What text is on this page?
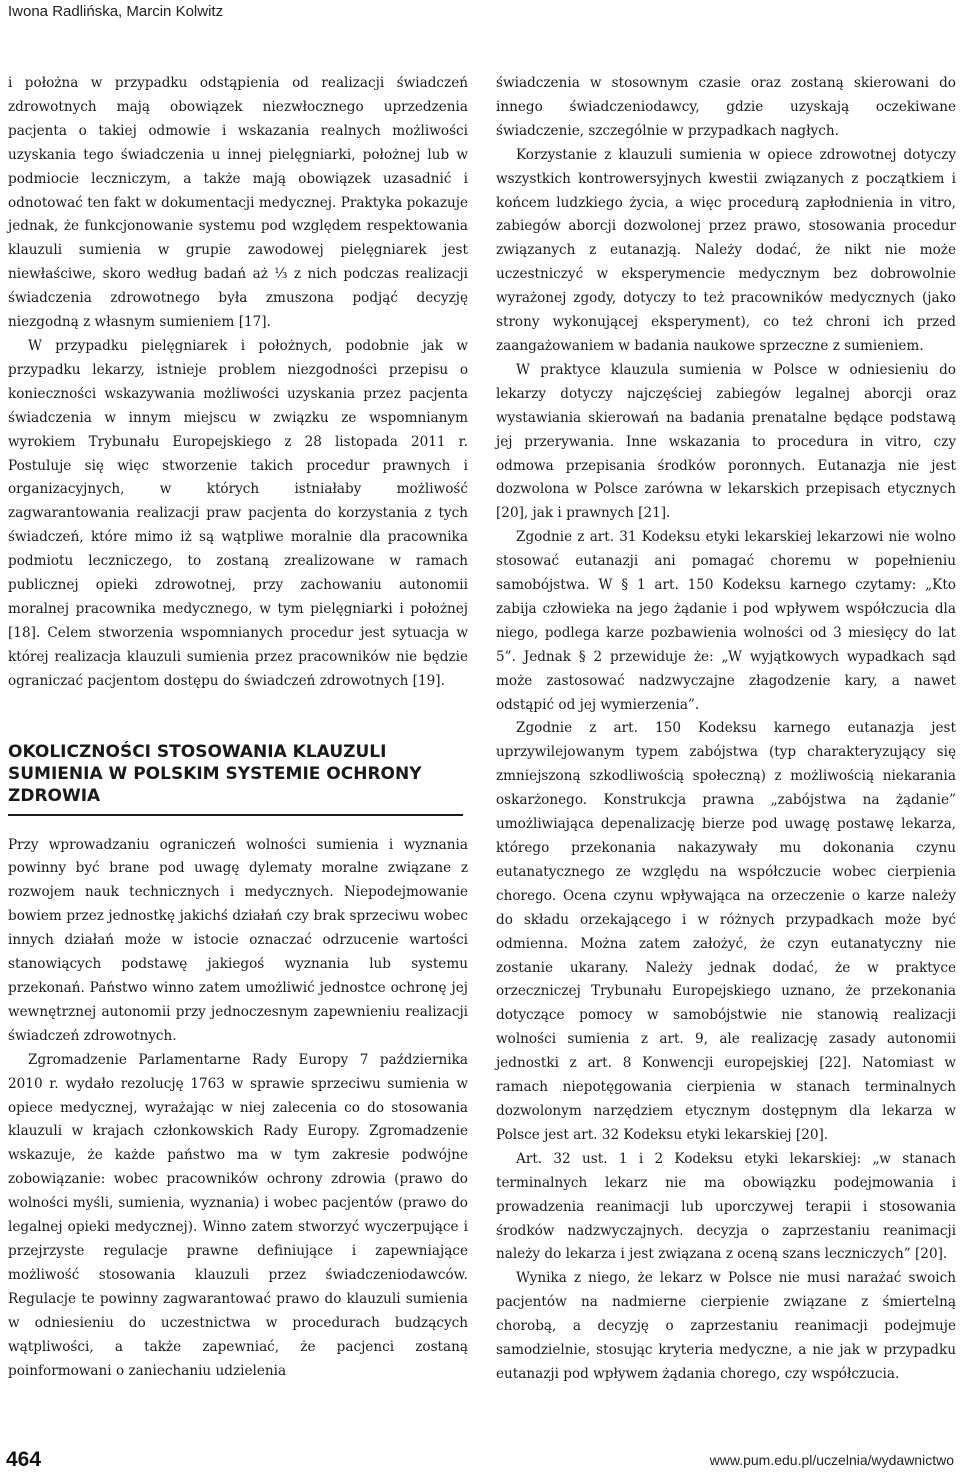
Iwona Radlińska, Marcin Kolwitz

i położna w przypadku odstąpienia od realizacji świadczeń zdrowotnych mają obowiązek niezwłocznego uprzedzenia pacjenta o takiej odmowie i wskazania realnych możliwości uzyskania tego świadczenia u innej pielęgniarki, położnej lub w podmiocie leczniczym, a także mają obowiązek uzasadnić i odnotować ten fakt w dokumentacji medycznej. Praktyka pokazuje jednak, że funkcjonowanie systemu pod względem respektowania klauzuli sumienia w grupie zawodowej pielęgniarek jest niewłaściwe, skoro według badań aż ⅓ z nich podczas realizacji świadczenia zdrowotnego była zmuszona podjąć decyzję niezgodną z własnym sumieniem [17].

W przypadku pielęgniarek i położnych, podobnie jak w przypadku lekarzy, istnieje problem niezgodności przepisu o konieczności wskazywania możliwości uzyskania przez pacjenta świadczenia w innym miejscu w związku ze wspomnianym wyrokiem Trybunału Europejskiego z 28 listopada 2011 r. Postuluje się więc stworzenie takich procedur prawnych i organizacyjnych, w których istniałaby możliwość zagwarantowania realizacji praw pacjenta do korzystania z tych świadczeń, które mimo iż są wątpliwe moralnie dla pracownika podmiotu leczniczego, to zostaną zrealizowane w ramach publicznej opieki zdrowotnej, przy zachowaniu autonomii moralnej pracownika medycznego, w tym pielęgniarki i położnej [18]. Celem stworzenia wspomnianych procedur jest sytuacja w której realizacja klauzuli sumienia przez pracowników nie będzie ograniczać pacjentom dostępu do świadczeń zdrowotnych [19].

OKOLICZNOŚCI STOSOWANIA KLAUZULI SUMIENIA W POLSKIM SYSTEMIE OCHRONY ZDROWIA

Przy wprowadzaniu ograniczeń wolności sumienia i wyznania powinny być brane pod uwagę dylematy moralne związane z rozwojem nauk technicznych i medycznych. Niepodejmowanie bowiem przez jednostkę jakichś działań czy brak sprzeciwu wobec innych działań może w istocie oznaczać odrzucenie wartości stanowiących podstawę jakiegoś wyznania lub systemu przekonań. Państwo winno zatem umożliwić jednostce ochronę jej wewnętrznej autonomii przy jednoczesnym zapewnieniu realizacji świadczeń zdrowotnych.

Zgromadzenie Parlamentarne Rady Europy 7 października 2010 r. wydało rezolucję 1763 w sprawie sprzeciwu sumienia w opiece medycznej, wyrażając w niej zalecenia co do stosowania klauzuli w krajach członkowskich Rady Europy. Zgromadzenie wskazuje, że każde państwo ma w tym zakresie podwójne zobowiązanie: wobec pracowników ochrony zdrowia (prawo do wolności myśli, sumienia, wyznania) i wobec pacjentów (prawo do legalnej opieki medycznej). Winno zatem stworzyć wyczerpujące i przejrzyste regulacje prawne definiujące i zapewniające możliwość stosowania klauzuli przez świadczeniodawców. Regulacje te powinny zagwarantować prawo do klauzuli sumienia w odniesieniu do uczestnictwa w procedurach budzących wątpliwości, a także zapewniać, że pacjenci zostaną poinformowani o zaniechaniu udzielenia

świadczenia w stosownym czasie oraz zostaną skierowani do innego świadczeniodawcy, gdzie uzyskają oczekiwane świadczenie, szczególnie w przypadkach nagłych.

Korzystanie z klauzuli sumienia w opiece zdrowotnej dotyczy wszystkich kontrowersyjnych kwestii związanych z początkiem i końcem ludzkiego życia, a więc procedurą zapłodnienia in vitro, zabiegów aborcji dozwolonej przez prawo, stosowania procedur związanych z eutanazją. Należy dodać, że nikt nie może uczestniczyć w eksperymencie medycznym bez dobrowolnie wyrażonej zgody, dotyczy to też pracowników medycznych (jako strony wykonującej eksperyment), co też chroni ich przed zaangażowaniem w badania naukowe sprzeczne z sumieniem.

W praktyce klauzula sumienia w Polsce w odniesieniu do lekarzy dotyczy najczęściej zabiegów legalnej aborcji oraz wystawiania skierowań na badania prenatalne będące podstawą jej przerywania. Inne wskazania to procedura in vitro, czy odmowa przepisania środków poronnych. Eutanazja nie jest dozwolona w Polsce zarówna w lekarskich przepisach etycznych [20], jak i prawnych [21].

Zgodnie z art. 31 Kodeksu etyki lekarskiej lekarzowi nie wolno stosować eutanazji ani pomagać choremu w popełnieniu samobójstwa. W § 1 art. 150 Kodeksu karnego czytamy: „Kto zabija człowieka na jego żądanie i pod wpływem współczucia dla niego, podlega karze pozbawienia wolności od 3 miesięcy do lat 5”. Jednak § 2 przewiduje że: „W wyjątkowych wypadkach sąd może zastosować nadzwyczajne złagodzenie kary, a nawet odstąpić od jej wymierzenia”.

Zgodnie z art. 150 Kodeksu karnego eutanazja jest uprzywilejowanym typem zabójstwa (typ charakteryzujący się zmniejszoną szkodliwością społeczną) z możliwością niekarania oskarżonego. Konstrukcja prawna „zabójstwa na żądanie” umożliwiająca depenalizację bierze pod uwagę postawę lekarza, którego przekonania nakazywały mu dokonania czynu eutanatycznego ze względu na współczucie wobec cierpienia chorego. Ocena czynu wpływająca na orzeczenie o karze należy do składu orzekającego i w różnych przypadkach może być odmienna. Można zatem założyć, że czyn eutanatyczny nie zostanie ukarany. Należy jednak dodać, że w praktyce orzeczniczej Trybunału Europejskiego uznano, że przekonania dotyczące pomocy w samobójstwie nie stanowią realizacji wolności sumienia z art. 9, ale realizację zasady autonomii jednostki z art. 8 Konwencji europejskiej [22]. Natomiast w ramach niepotęgowania cierpienia w stanach terminalnych dozwolonym narzędziem etycznym dostępnym dla lekarza w Polsce jest art. 32 Kodeksu etyki lekarskiej [20].

Art. 32 ust. 1 i 2 Kodeksu etyki lekarskiej: „w stanach terminalnych lekarz nie ma obowiązku podejmowania i prowadzenia reanimacji lub uporczywej terapii i stosowania środków nadzwyczajnych. decyzja o zaprzestaniu reanimacji należy do lekarza i jest związana z oceną szans leczniczych” [20].

Wynika z niego, że lekarz w Polsce nie musi narażać swoich pacjentów na nadmierne cierpienie związane z śmiertelną chorobą, a decyzję o zaprzestaniu reanimacji podejmuje samodzielnie, stosując kryteria medyczne, a nie jak w przypadku eutanazji pod wpływem żądania chorego, czy współczucia.

464	www.pum.edu.pl/uczelnia/wydawnictwo
